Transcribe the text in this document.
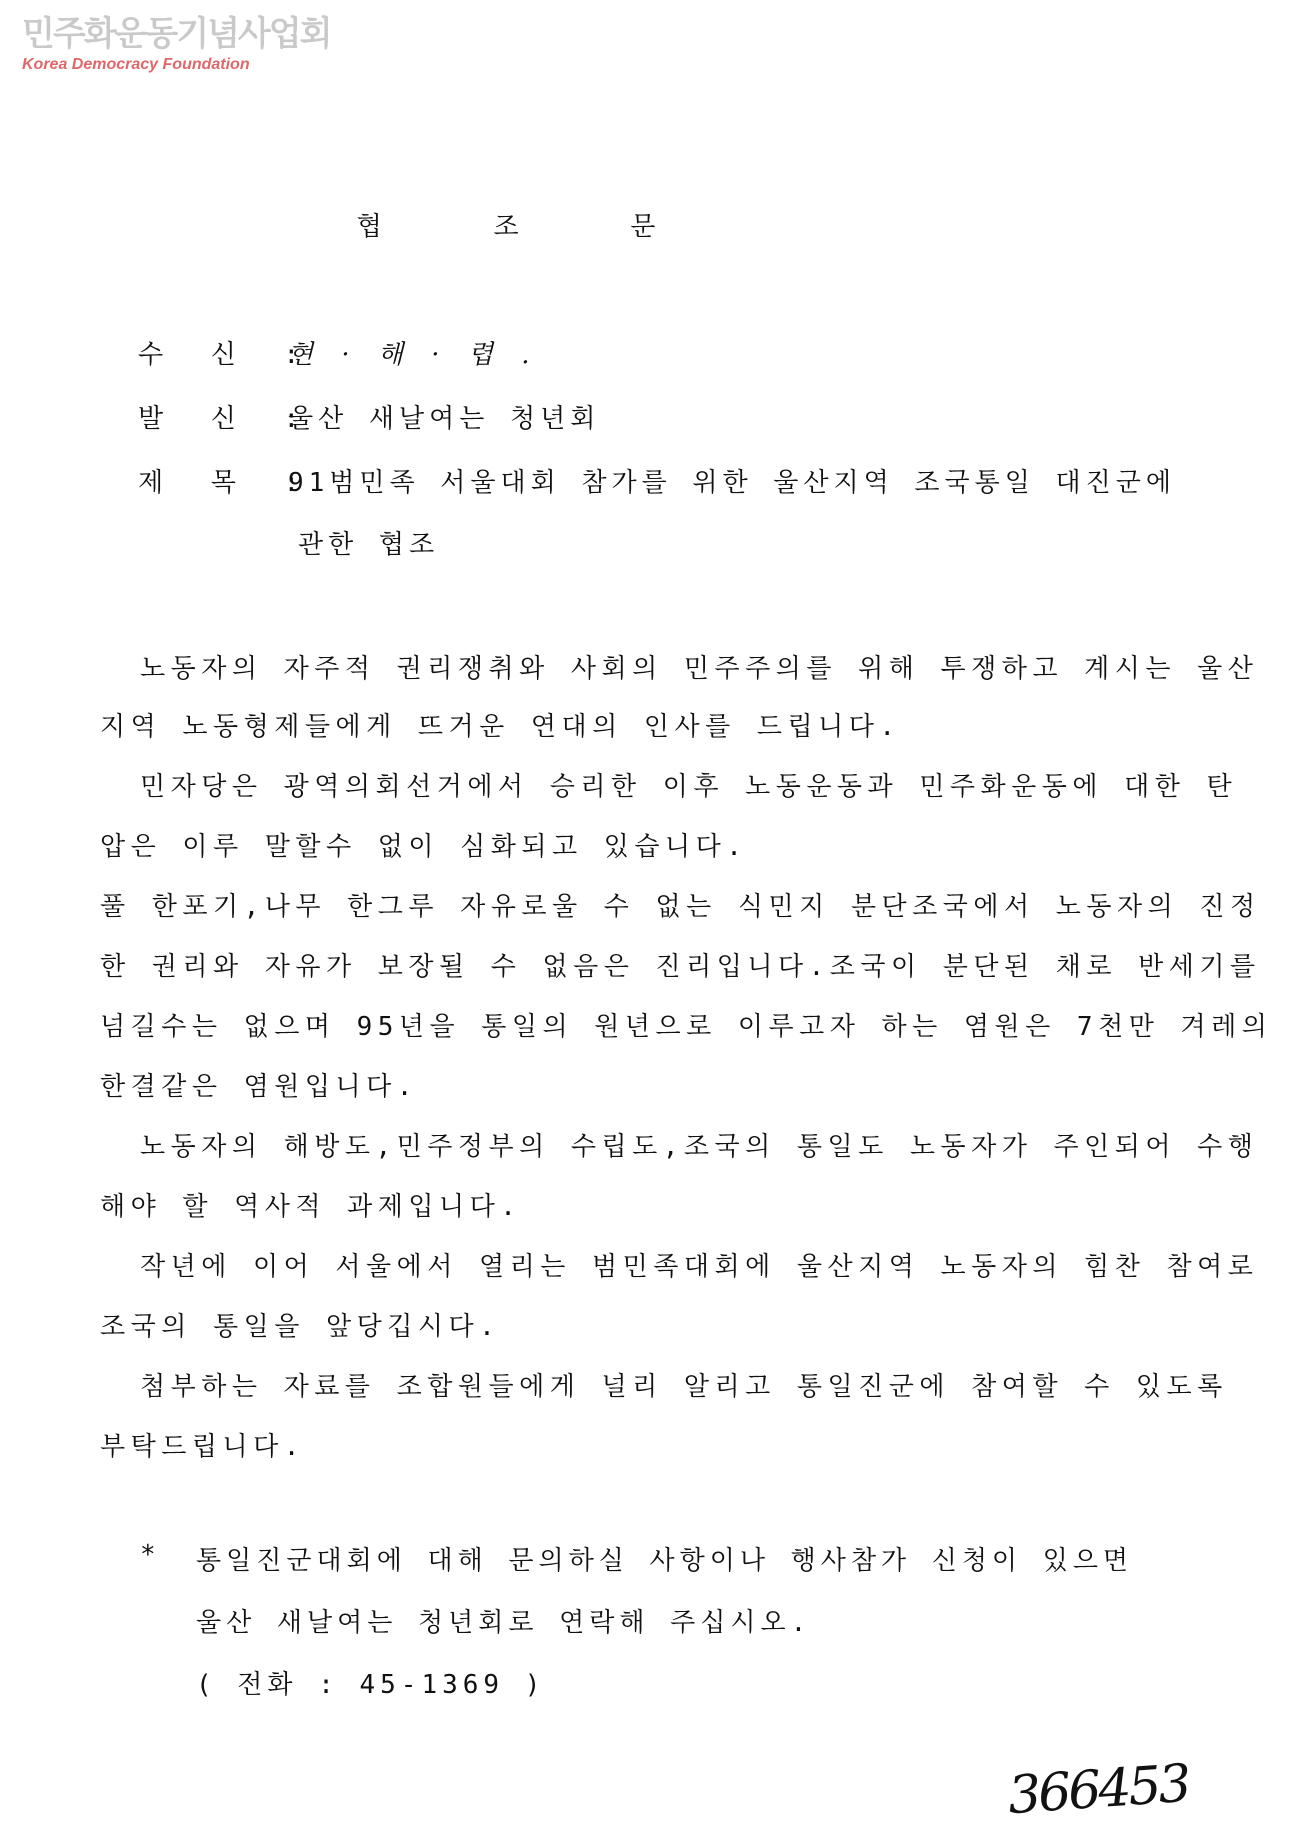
민주화운동기념사업회
Korea Democracy Foundation
협 조 문
수 신 :현 · 해 · 렵 .
발 신 :울산 새날여는 청년회
제 목 :91범민족 서울대회 참가를 위한 울산지역 조국통일 대진군에
관한 협조
노동자의 자주적 권리쟁취와 사회의 민주주의를 위해 투쟁하고 계시는 울산
지역 노동형제들에게 뜨거운 연대의 인사를 드립니다.
민자당은 광역의회선거에서 승리한 이후 노동운동과 민주화운동에 대한 탄
압은 이루 말할수 없이 심화되고 있습니다.
풀 한포기,나무 한그루 자유로울 수 없는 식민지 분단조국에서 노동자의 진정
한 권리와 자유가 보장될 수 없음은 진리입니다.조국이 분단된 채로 반세기를
넘길수는 없으며 95년을 통일의 원년으로 이루고자 하는 염원은 7천만 겨레의
한결같은 염원입니다.
노동자의 해방도,민주정부의 수립도,조국의 통일도 노동자가 주인되어 수행
해야 할 역사적 과제입니다.
작년에 이어 서울에서 열리는 범민족대회에 울산지역 노동자의 힘찬 참여로
조국의 통일을 앞당깁시다.
첨부하는 자료를 조합원들에게 널리 알리고 통일진군에 참여할 수 있도록
부탁드립니다.
* 통일진군대회에 대해 문의하실 사항이나 행사참가 신청이 있으면
울산 새날여는 청년회로 연락해 주십시오.
( 전화 : 45-1369 )
366453
